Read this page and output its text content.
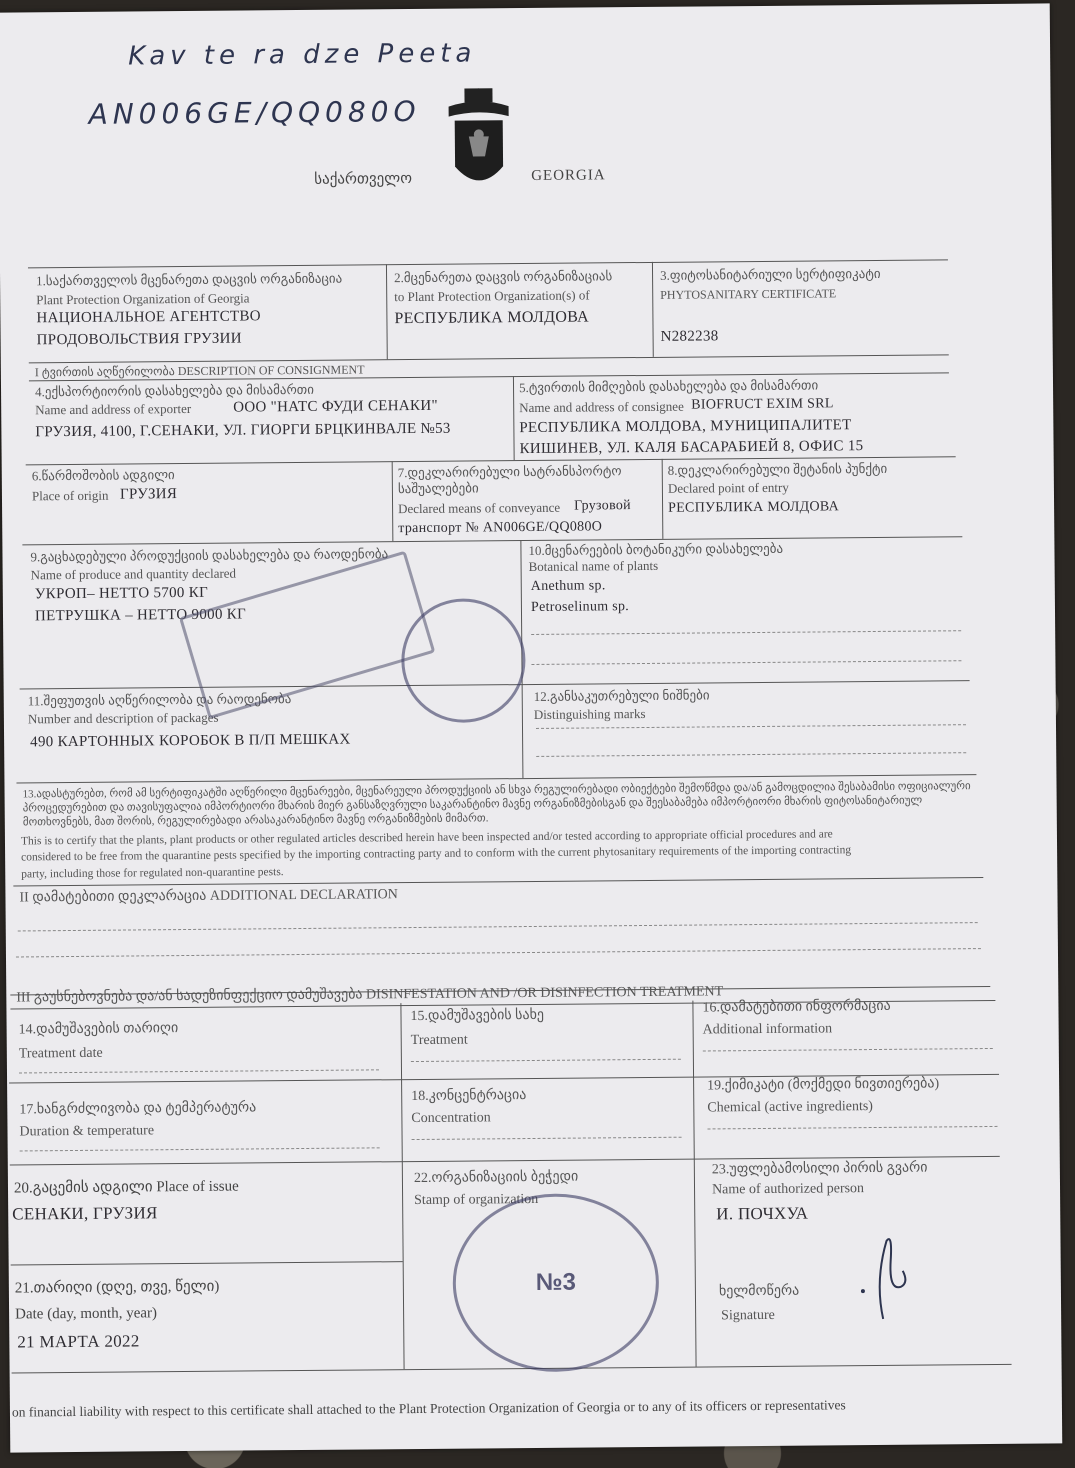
Kav te ra dze Peeta
AN006GE/QQ080O
საქართველო	GEORGIA
1.საქართველოს მცენარეთა დაცვის ორგანიზაცია
Plant Protection Organization of Georgia
НАЦИОНАЛЬНОЕ АГЕНТСТВО
ПРОДОВОЛЬСТВИЯ ГРУЗИИ
2.მცენარეთა დაცვის ორგანიზაციას
to Plant Protection Organization(s) of
РЕСПУБЛИКА МОЛДОВА
3.ფიტოსანიტარიული სერტიფიკატი
PHYTOSANITARY CERTIFICATE
N282238
I ტვირთის აღწერილობა DESCRIPTION OF CONSIGNMENT
4.ექსპორტიორის დასახელება და მისამართი
Name and address of exporter	ООО "НАТС ФУДИ СЕНАКИ"
ГРУЗИЯ, 4100, Г.СЕНАКИ, УЛ. ГИОРГИ БРЦКИНВАЛЕ №53
5.ტვირთის მიმღების დასახელება და მისამართი
Name and address of consignee BIOFRUCT EXIM SRL
РЕСПУБЛИКА МОЛДОВА, МУНИЦИПАЛИТЕТ
КИШИНЕВ, УЛ. КАЛЯ БАСАРАБИЕЙ 8, ОФИС 15
6.წარმოშობის ადგილი
Place of origin ГРУЗИЯ
7.დეკლარირებული სატრანსპორტო
საშუალებები
Declared means of conveyance Грузовой
транспорт № AN006GE/QQ080O
8.დეკლარირებული შეტანის პუნქტი
Declared point of entry
РЕСПУБЛИКА МОЛДОВА
9.გაცხადებული პროდუქციის დასახელება და რაოდენობა
Name of produce and quantity declared
УКРОП– НЕТТО 5700 КГ
ПЕТРУШКА – НЕТТО 9000 КГ
10.მცენარეების ბოტანიკური დასახელება
Botanical name of plants
Anethum sp.
Petroselinum sp.
11.შეფუთვის აღწერილობა და რაოდენობა
Number and description of packages
490 КАРТОННЫХ КОРОБОК В П/П МЕШКАХ
12.განსაკუთრებული ნიშნები
Distinguishing marks
13.ადასტურებთ, რომ ამ სერტიფიკატში აღწერილი მცენარეები, მცენარეული პროდუქციის ან სხვა რეგულირებადი ობიექტები შემოწმდა და/ან გამოცდილია შესაბამისი ოფიციალური პროცედურებით და თავისუფალია იმპორტიორი მხარის მიერ განსაზღვრული საკარანტინო მავნე ორგანიზმებისგან და შეესაბამება იმპორტიორი მხარის ფიტოსანიტარიულ მოთხოვნებს, მათ შორის, რეგულირებადი არასაკარანტინო მავნე ორგანიზმების მიმართ.
This is to certify that the plants, plant products or other regulated articles described herein have been inspected and/or tested according to appropriate official procedures and are
considered to be free from the quarantine pests specified by the importing contracting party and to conform with the current phytosanitary requirements of the importing contracting
party, including those for regulated non-quarantine pests.
II დამატებითი დეკლარაცია ADDITIONAL DECLARATION
III გაუსნებოვნება და/ან სადეზინფექციო დამუშავება DISINFESTATION AND /OR DISINFECTION TREATMENT
14.დამუშავების თარიღი
Treatment date
15.დამუშავების სახე
Treatment
16.დამატებითი ინფორმაცია
Additional information
17.ხანგრძლივობა და ტემპერატურა
Duration & temperature
18.კონცენტრაცია
Concentration
19.ქიმიკატი (მოქმედი ნივთიერება)
Chemical (active ingredients)
20.გაცემის ადგილი Place of issue
СЕНАКИ, ГРУЗИЯ
21.თარიღი (დღე, თვე, წელი)
Date (day, month, year)
21 МАРТА 2022
22.ორგანიზაციის ბეჭედი
Stamp of organization
№3
23.უფლებამოსილი პირის გვარი
Name of authorized person
И. ПОЧХУА
ხელმოწერა
Signature
on financial liability with respect to this certificate shall attached to the Plant Protection Organization of Georgia or to any of its officers or representatives
